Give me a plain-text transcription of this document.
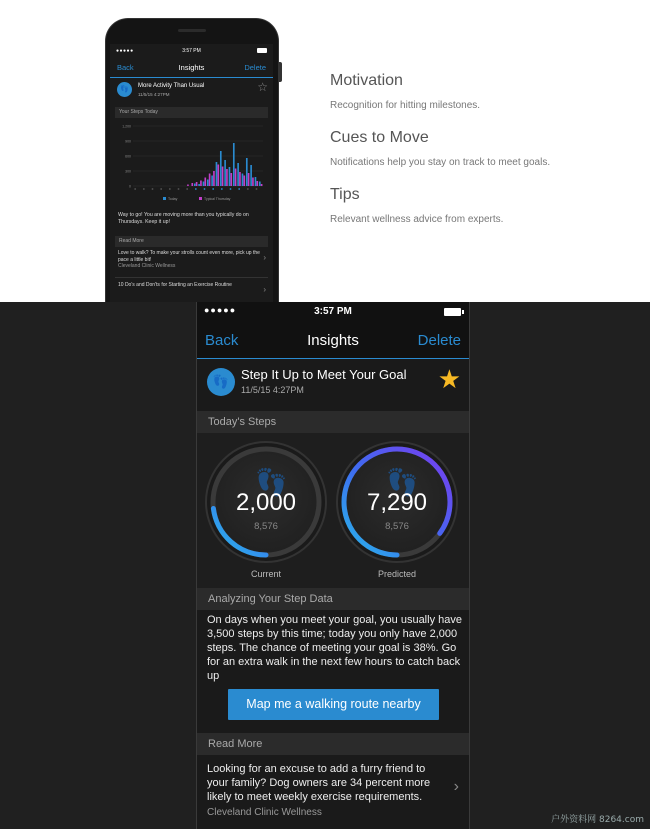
●●●●●	3:57 PM
Back	Insights	Delete
👣	More Activity Than Usual
11/5/15 4:27PM
☆
Your Steps Today
1,200
900
600
300
0
Today	Typical Thursday
Way to go! You are moving more than you typically do on Thursdays. Keep it up!
Read More
Love to walk? To make your strolls count even more, pick up the pace a little bit!
Cleveland Clinic Wellness
›
10 Do's and Don'ts for Starting an Exercise Routine	›
Motivation
Recognition for hitting milestones.
Cues to Move
Notifications help you stay on track to meet goals.
Tips
Relevant wellness advice from experts.
●●●●●	3:57 PM
Back	Insights	Delete
👣 Step It Up to Meet Your Goal
11/5/15 4:27PM	★
Today's Steps
👣
2,000
8,576
👣
7,290
8,576
Current	Predicted
Analyzing Your Step Data
On days when you meet your goal, you usually have 3,500 steps by this time; today you only have 2,000 steps. The chance of meeting your goal is 38%. Go for an extra walk in the next few hours to catch back up
Map me a walking route nearby
Read More
Looking for an excuse to add a furry friend to your family? Dog owners are 34 percent more likely to meet weekly exercise requirements.
Cleveland Clinic Wellness
›
户外资料网 8264.com
